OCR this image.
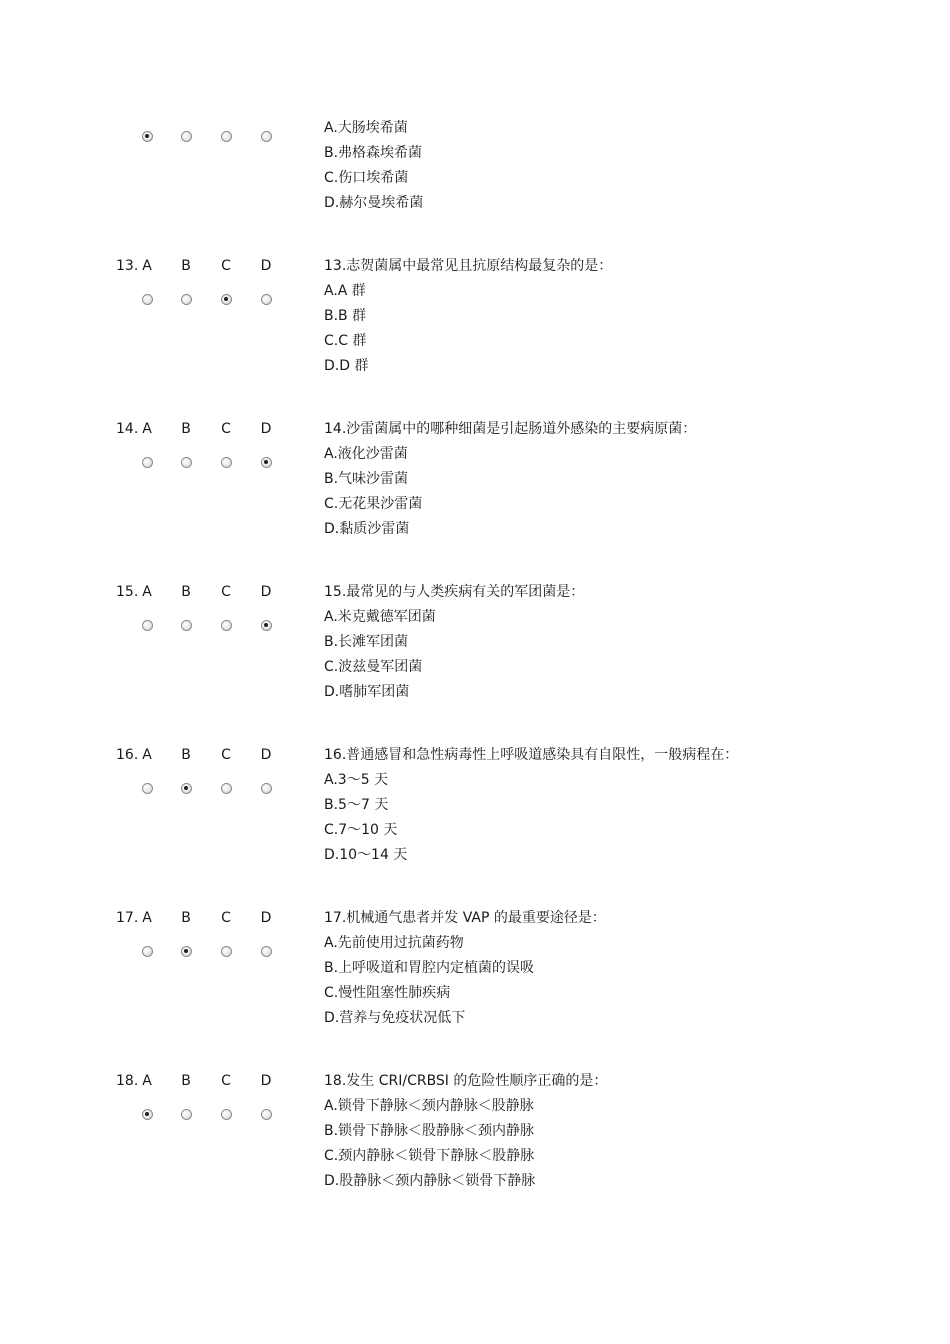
A.大肠埃希菌
B.弗格森埃希菌
C.伤口埃希菌
D.赫尔曼埃希菌
13. A	B	C	D	13.志贺菌属中最常见且抗原结构最复杂的是：
A.A 群
B.B 群
C.C 群
D.D 群
14. A	B	C	D	14.沙雷菌属中的哪种细菌是引起肠道外感染的主要病原菌：
A.液化沙雷菌
B.气味沙雷菌
C.无花果沙雷菌
D.黏质沙雷菌
15. A	B	C	D	15.最常见的与人类疾病有关的军团菌是：
A.米克戴德军团菌
B.长滩军团菌
C.波兹曼军团菌
D.嗜肺军团菌
16. A	B	C	D	16.普通感冒和急性病毒性上呼吸道感染具有自限性，一般病程在：
A.3～5 天
B.5～7 天
C.7～10 天
D.10～14 天
17. A	B	C	D	17.机械通气患者并发 VAP 的最重要途径是：
A.先前使用过抗菌药物
B.上呼吸道和胃腔内定植菌的误吸
C.慢性阻塞性肺疾病
D.营养与免疫状况低下
18. A	B	C	D	18.发生 CRI/CRBSI 的危险性顺序正确的是：
A.锁骨下静脉＜颈内静脉＜股静脉
B.锁骨下静脉＜股静脉＜颈内静脉
C.颈内静脉＜锁骨下静脉＜股静脉
D.股静脉＜颈内静脉＜锁骨下静脉
